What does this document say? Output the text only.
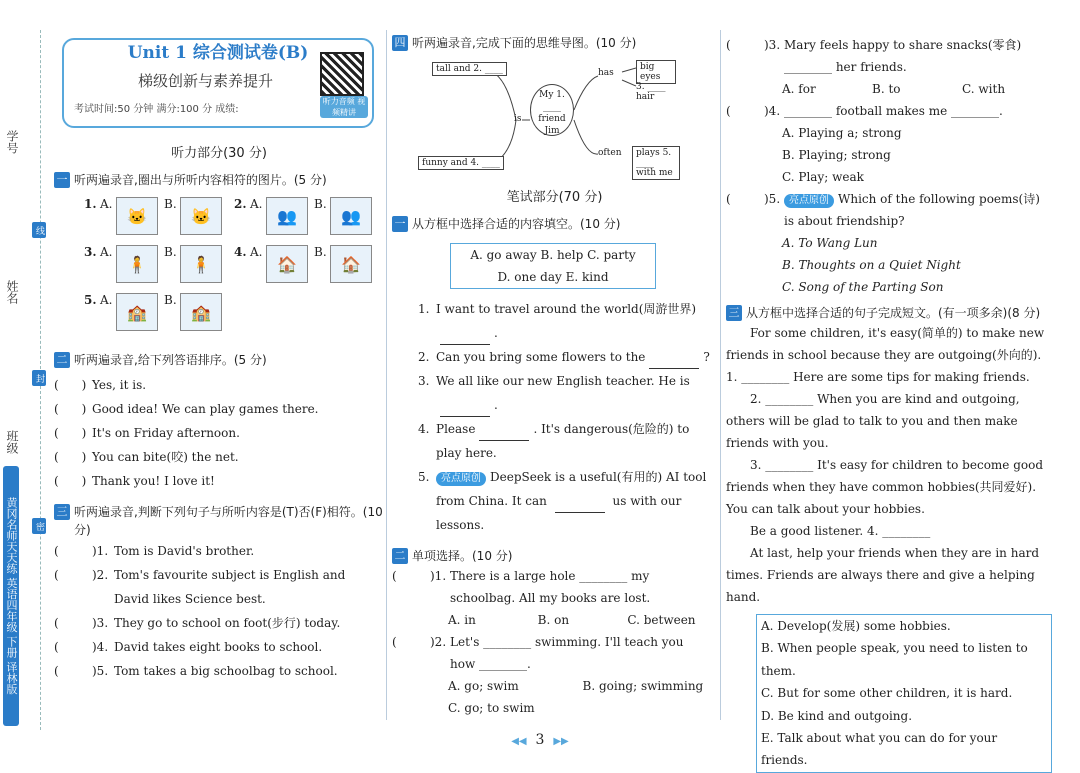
学号
姓名
班级
线
封
密
黄冈名师天天练 英语四年级 下册 译林版
Unit 1 综合测试卷(B)
梯级创新与素养提升
考试时间:50 分钟 满分:100 分 成绩:
听力音频 视频精讲
听力部分(30 分)
一 听两遍录音,圈出与所听内容相符的图片。(5 分)
1. A.
🐱
B.
🐱
2. A.
👥
B.
👥
3. A.
🧍
B.
🧍
4. A.
🏠
B.
🏠
5. A.
🏫
B.
🏫
二 听两遍录音,给下列答语排序。(5 分)
(      ) Yes, it is.
(      ) Good idea! We can play games there.
(      ) It's on Friday afternoon.
(      ) You can bite(咬) the net.
(      ) Thank you! I love it!
三 听两遍录音,判断下列句子与所听内容是(T)否(F)相符。(10 分)
(	)1. Tom is David's brother.
(	)2. Tom's favourite subject is English and David likes Science best.
(	)3. They go to school on foot(步行) today.
(	)4. David takes eight books to school.
(	)5. Tom takes a big schoolbag to school.
四 听两遍录音,完成下面的思维导图。(10 分)
tall and 2. ____
funny and 4. ____
is
My 1. ____ friend Jim
has
often
big eyes
3. ____ hair
plays 5. ____ with me
笔试部分(70 分)
一 从方框中选择合适的内容填空。(10 分)
A. go away B. help C. party
D. one day E. kind
1. I want to travel around the world(周游世界) .
2. Can you bring some flowers to the	?
3. We all like our new English teacher. He is .
4. Please	. It's dangerous(危险的) to play here.
5.	亮点原创 DeepSeek is a useful(有用的) AI tool from China. It can	us with our lessons.
二 单项选择。(10 分)
(	)1. There is a large hole ________ my schoolbag. All my books are lost.
A. in	B. on	C. between
(	)2. Let's ________ swimming. I'll teach you how ________.
A. go; swim	B. going; swimming
C. go; to swim
(	)3. Mary feels happy to share snacks(零食) ________ her friends.
A. for	B. to	C. with
(	)4. ________ football makes me ________.
A. Playing a; strong
B. Playing; strong
C. Play; weak
(	)5. 亮点原创 Which of the following poems(诗) is about friendship?
A. To Wang Lun
B. Thoughts on a Quiet Night
C. Song of the Parting Son
三 从方框中选择合适的句子完成短文。(有一项多余)(8 分)

For some children, it's easy(简单的) to make new friends in school because they are outgoing(外向的).

1. ________ Here are some tips for making friends.

2. ________ When you are kind and outgoing, others will be glad to talk to you and then make friends with you.

3. ________ It's easy for children to become good friends when they have common hobbies(共同爱好). You can talk about your hobbies.

Be a good listener. 4. ________

At last, help your friends when they are in hard times. Friends are always there and give a helping hand.

A. Develop(发展) some hobbies.
B. When people speak, you need to listen to them.
C. But for some other children, it is hard.
D. Be kind and outgoing.
E. Talk about what you can do for your friends.
◀◀ 3 ▶▶
